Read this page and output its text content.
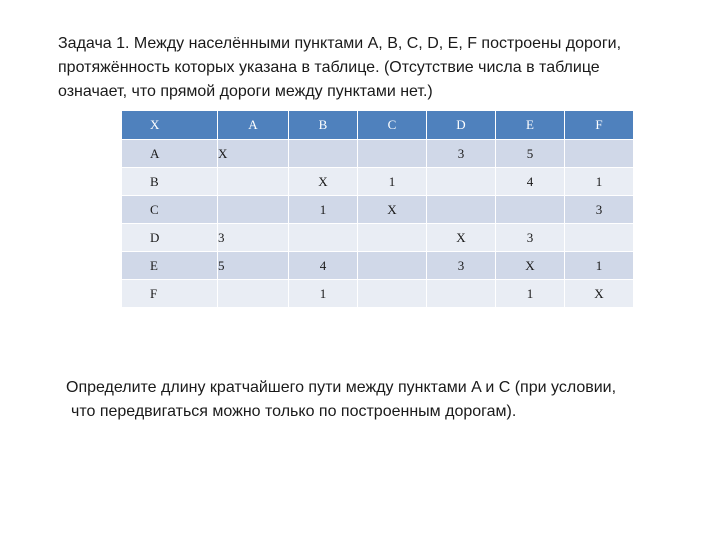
Задача 1. Между населёнными пунктами A, B, C, D, E, F построены дороги,
протяжённость которых указана в таблице. (Отсутствие числа в таблице
означает, что прямой дороги между пунктами нет.)

X	A	B	C	D	E	F
A	X			3	5	
B		X	1		4	1
C		1	X			3
D	3			X	3	
E	5	4		3	X	1
F		1			1	X

Определите длину кратчайшего пути между пунктами A и C (при условии,
что передвигаться можно только по построенным дорогам).
